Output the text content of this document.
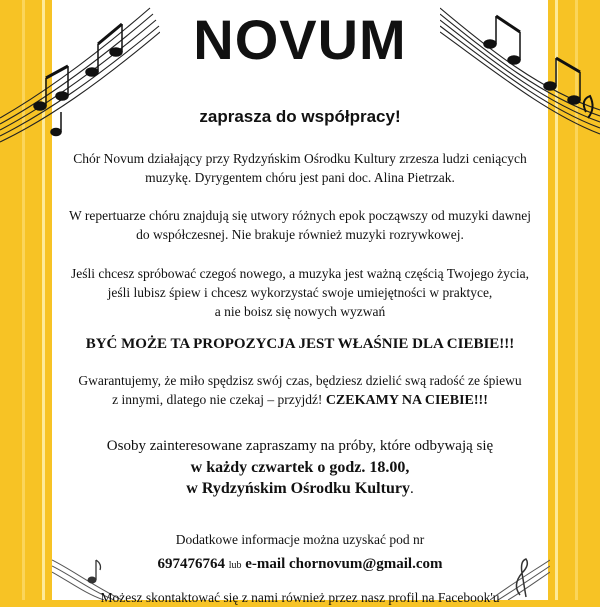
NOVUM
zaprasza do współpracy!
Chór Novum działający przy Rydzyńskim Ośrodku Kultury zrzesza ludzi ceniących
muzykę. Dyrygentem chóru jest pani doc. Alina Pietrzak.
W repertuarze chóru znajdują się utwory różnych epok począwszy od muzyki dawnej
do współczesnej. Nie brakuje również muzyki rozrywkowej.
Jeśli chcesz spróbować czegoś nowego, a muzyka jest ważną częścią Twojego życia,
jeśli lubisz śpiew i chcesz wykorzystać swoje umiejętności w praktyce,
a nie boisz się nowych wyzwań
BYĆ MOŻE TA PROPOZYCJA JEST WŁAŚNIE DLA CIEBIE!!!
Gwarantujemy, że miło spędzisz swój czas, będziesz dzielić swą radość ze śpiewu
z innymi, dlatego nie czekaj – przyjdź! CZEKAMY NA CIEBIE!!!
Osoby zainteresowane zapraszamy na próby, które odbywają się
w każdy czwartek o godz. 18.00,
w Rydzyńskim Ośrodku Kultury.
Dodatkowe informacje można uzyskać pod nr
697476764 lub e-mail chornovum@gmail.com
Możesz skontaktować się z nami również przez nasz profil na Facebook'u
